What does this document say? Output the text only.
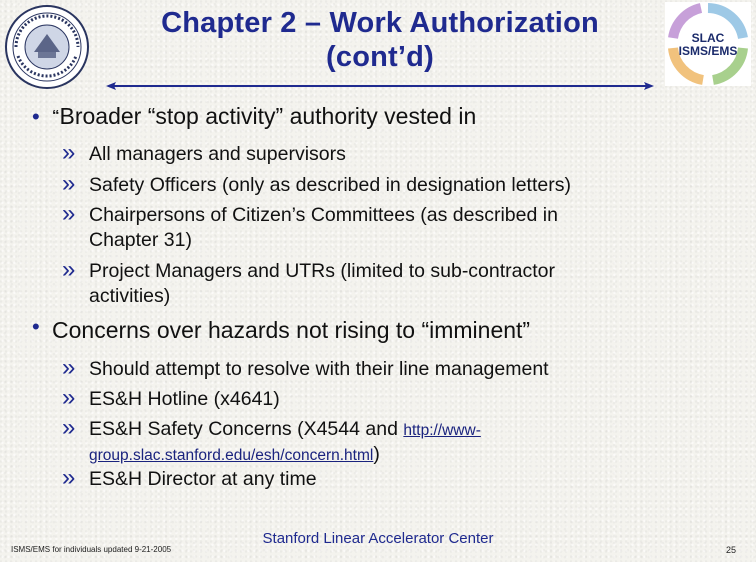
Chapter 2 – Work Authorization
(cont’d)
SLAC
ISMS/EMS
• “Broader “stop activity” authority vested in
» All managers and supervisors
» Safety Officers (only as described in designation letters)
» Chairpersons of Citizen’s Committees (as described in
Chapter 31)
» Project Managers and UTRs (limited to sub-contractor
activities)
• Concerns over hazards not rising to “imminent”
» Should attempt to resolve with their line management
» ES&H Hotline (x4641)
» ES&H Safety Concerns (X4544 and http://www-
group.slac.stanford.edu/esh/concern.html)
» ES&H Director at any time
ISMS/EMS for individuals updated 9-21-2005
Stanford Linear Accelerator Center
25
